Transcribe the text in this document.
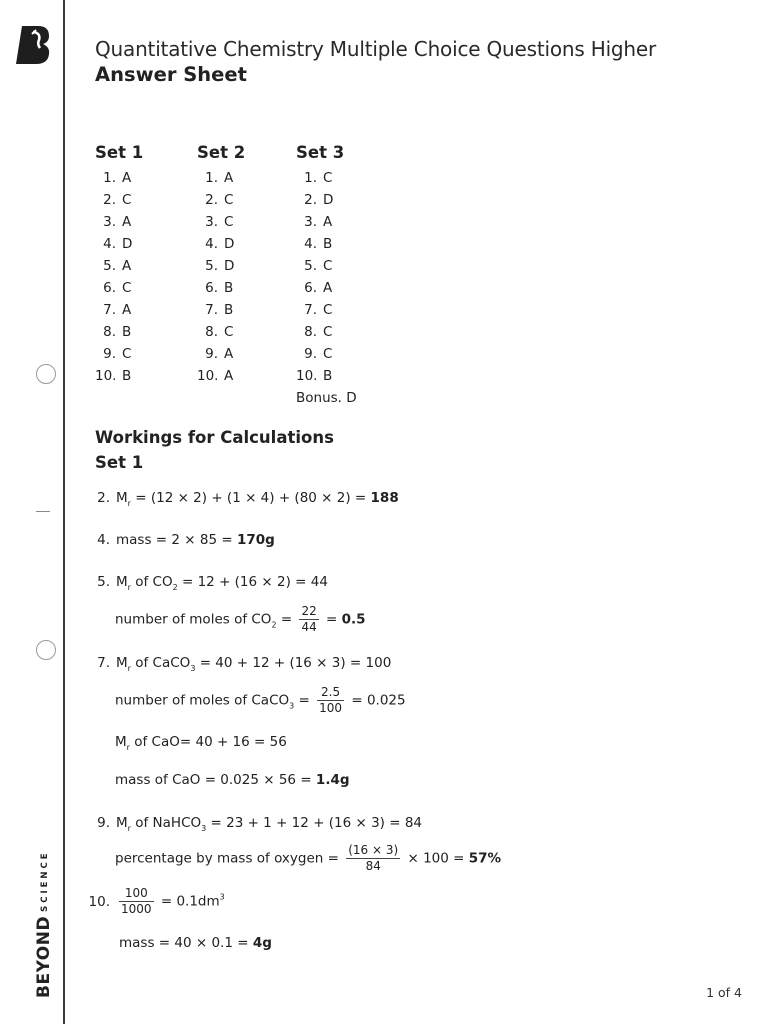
BEYONDSCIENCE
Quantitative Chemistry Multiple Choice Questions Higher
Answer Sheet
Set 1
1. A
2. C
3. A
4. D
5. A
6. C
7. A
8. B
9. C
10. B
Set 2
1. A
2. C
3. C
4. D
5. D
6. B
7. B
8. C
9. A
10. A
Set 3
1. C
2. D
3. A
4. B
5. C
6. A
7. C
8. C
9. C
10. B
Bonus. D
Workings for Calculations
Set 1
2. $M_r = (12 \times 2) + (1 \times 4) + (80 \times 2) = 188$
4. mass = 2 × 85 = 170g
5. $M_r$ of $CO_2 = 12 + (16 \times 2) = 44$
number of moles of $CO_2 = \frac{22}{44} = 0.5$
7. $M_r$ of CaCO$_3$ = 40 + 12 + (16 × 3) = 100
number of moles of CaCO$_3$ = $\frac{2.5}{100} = 0.025$
$M_r$ of CaO= 40 + 16 = 56
mass of CaO = 0.025 × 56 = 1.4g
9. $M_r$ of NaHCO$_3$ = 23 + 1 + 12 + (16 × 3) = 84
percentage by mass of oxygen = $\frac{(16 \times 3)}{84} \times 100 = 57\%$
10. $\frac{100}{1000} = 0.1dm^3$
mass = 40 × 0.1 = 4g
1 of 4
